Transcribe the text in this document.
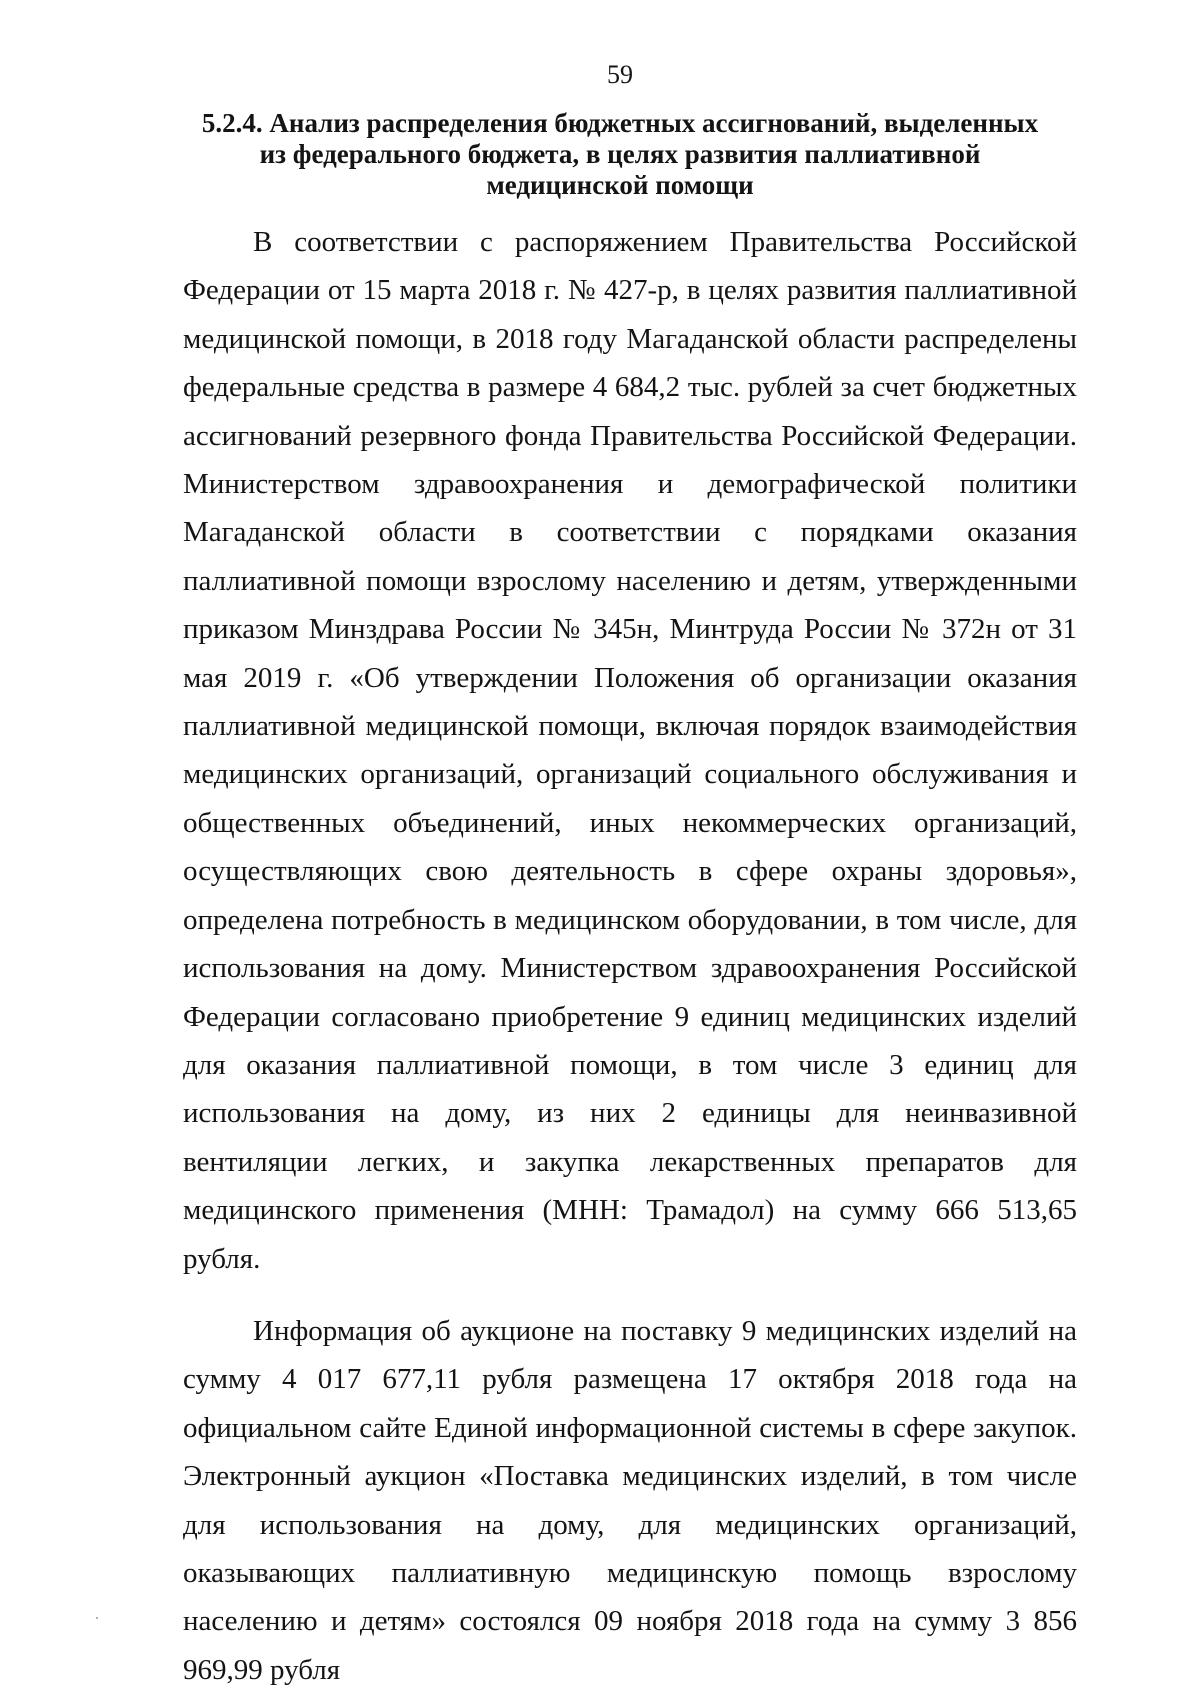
59
5.2.4. Анализ распределения бюджетных ассигнований, выделенных
из федерального бюджета, в целях развития паллиативной
медицинской помощи

В соответствии с распоряжением Правительства Российской Федерации от 15 марта 2018 г. № 427-р, в целях развития паллиативной медицинской помощи, в 2018 году Магаданской области распределены федеральные средства в размере 4 684,2 тыс. рублей за счет бюджетных ассигнований резервного фонда Правительства Российской Федерации. Министерством здравоохранения и демографической политики Магаданской области в соответствии с порядками оказания паллиативной помощи взрослому населению и детям, утвержденными приказом Минздрава России № 345н, Минтруда России № 372н от 31 мая 2019 г. «Об утверждении Положения об организации оказания паллиативной медицинской помощи, включая порядок взаимодействия медицинских организаций, организаций социального обслуживания и общественных объединений, иных некоммерческих организаций, осуществляющих свою деятельность в сфере охраны здоровья», определена потребность в медицинском оборудовании, в том числе, для использования на дому. Министерством здравоохранения Российской Федерации согласовано приобретение 9 единиц медицинских изделий для оказания паллиативной помощи, в том числе 3 единиц для использования на дому, из них 2 единицы для неинвазивной вентиляции легких, и закупка лекарственных препаратов для медицинского применения (МНН: Трамадол) на сумму 666 513,65 рубля.

Информация об аукционе на поставку 9 медицинских изделий на сумму 4 017 677,11 рубля размещена 17 октября 2018 года на официальном сайте Единой информационной системы в сфере закупок. Электронный аукцион «Поставка медицинских изделий, в том числе для использования на дому, для медицинских организаций, оказывающих паллиативную медицинскую помощь взрослому населению и детям» состоялся 09 ноября 2018 года на сумму 3 856 969,99 рубля
